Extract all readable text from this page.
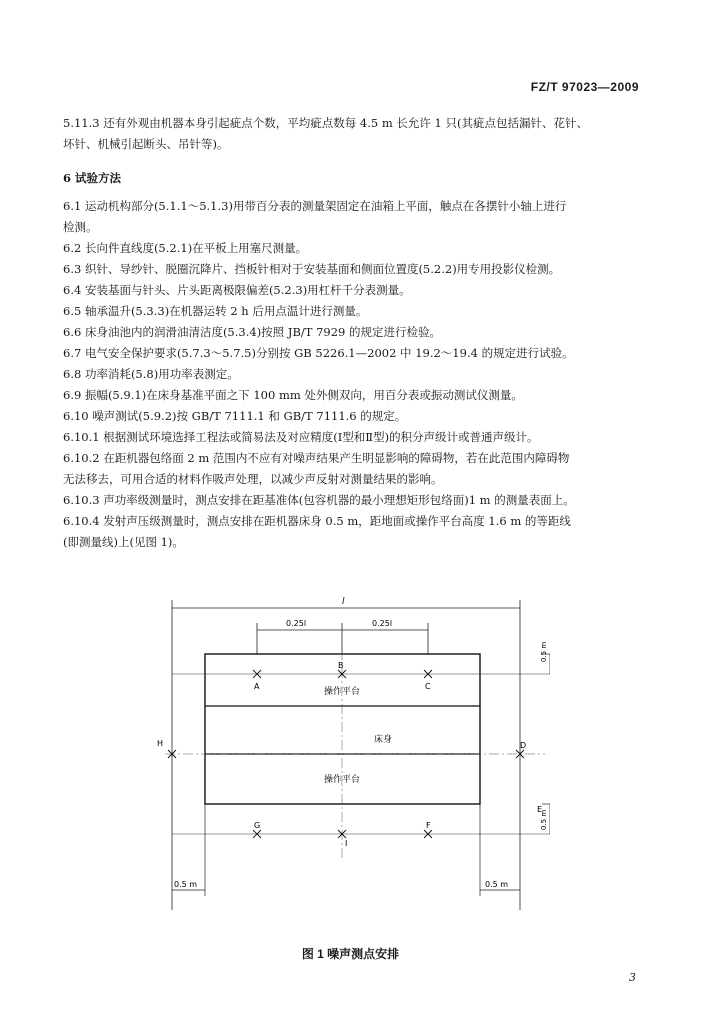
FZ/T 97023—2009
5.11.3 还有外观由机器本身引起疵点个数，平均疵点数每 4.5 m 长允许 1 只(其疵点包括漏针、花针、
坏针、机械引起断头、吊针等)。
6 试验方法
6.1 运动机构部分(5.1.1～5.1.3)用带百分表的测量架固定在油箱上平面，触点在各摆针小轴上进行
检测。
6.2 长向件直线度(5.2.1)在平板上用塞尺测量。
6.3 织针、导纱针、脱圈沉降片、挡板针相对于安装基面和侧面位置度(5.2.2)用专用投影仪检测。
6.4 安装基面与针头、片头距离极限偏差(5.2.3)用杠杆千分表测量。
6.5 轴承温升(5.3.3)在机器运转 2 h 后用点温计进行测量。
6.6 床身油池内的润滑油清洁度(5.3.4)按照 JB/T 7929 的规定进行检验。
6.7 电气安全保护要求(5.7.3～5.7.5)分别按 GB 5226.1—2002 中 19.2～19.4 的规定进行试验。
6.8 功率消耗(5.8)用功率表测定。
6.9 振幅(5.9.1)在床身基准平面之下 100 mm 处外侧双向，用百分表或振动测试仪测量。
6.10 噪声测试(5.9.2)按 GB/T 7111.1 和 GB/T 7111.6 的规定。
6.10.1 根据测试环境选择工程法或简易法及对应精度(Ⅰ型和Ⅱ型)的积分声级计或普通声级计。
6.10.2 在距机器包络面 2 m 范围内不应有对噪声结果产生明显影响的障碍物，若在此范围内障碍物
无法移去，可用合适的材料作吸声处理，以减少声反射对测量结果的影响。
6.10.3 声功率级测量时，测点安排在距基准体(包容机器的最小理想矩形包络面)1 m 的测量表面上。
6.10.4 发射声压级测量时，测点安排在距机器床身 0.5 m，距地面或操作平台高度 1.6 m 的等距线
(即测量线)上(见图 1)。
l
0.25l	0.25l
操作平台
床身
操作平台
A
B
C
D
E
F
G
I
H
0.5 m
0.5 m
0.5 m	0.5 m
图 1 噪声测点安排
3
